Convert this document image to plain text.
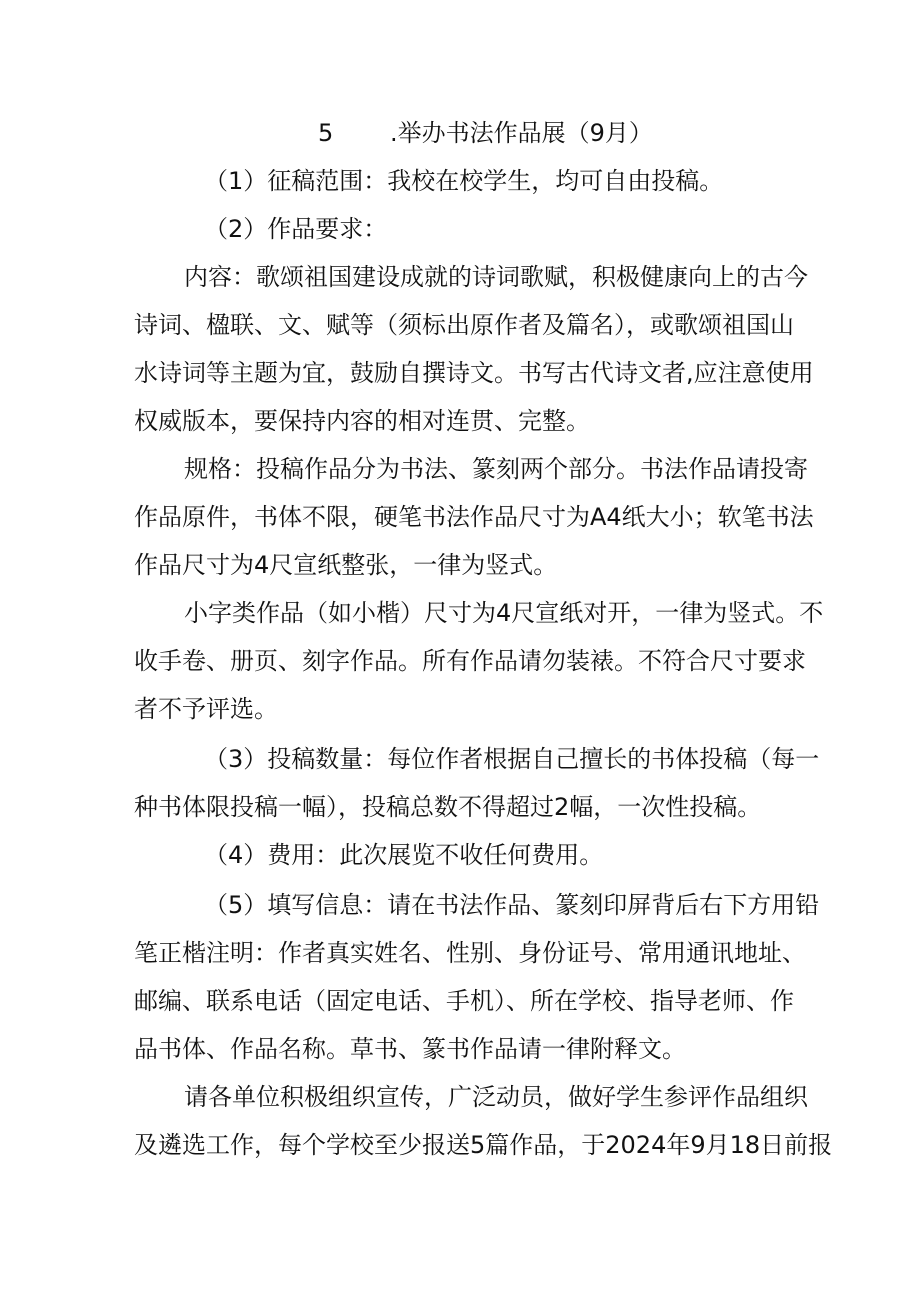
5 .举办书法作品展（9月）
（1）征稿范围：我校在校学生，均可自由投稿。
（2）作品要求：
内容：歌颂祖国建设成就的诗词歌赋，积极健康向上的古今
诗词、楹联、文、赋等（须标出原作者及篇名），或歌颂祖国山
水诗词等主题为宜，鼓励自撰诗文。书写古代诗文者,应注意使用
权威版本，要保持内容的相对连贯、完整。
规格：投稿作品分为书法、篆刻两个部分。书法作品请投寄
作品原件，书体不限，硬笔书法作品尺寸为A4纸大小；软笔书法
作品尺寸为4尺宣纸整张，一律为竖式。
小字类作品（如小楷）尺寸为4尺宣纸对开，一律为竖式。不
收手卷、册页、刻字作品。所有作品请勿装裱。不符合尺寸要求
者不予评选。
（3）投稿数量：每位作者根据自己擅长的书体投稿（每一
种书体限投稿一幅），投稿总数不得超过2幅，一次性投稿。
（4）费用：此次展览不收任何费用。
（5）填写信息：请在书法作品、篆刻印屏背后右下方用铅
笔正楷注明：作者真实姓名、性别、身份证号、常用通讯地址、
邮编、联系电话（固定电话、手机）、所在学校、指导老师、作
品书体、作品名称。草书、篆书作品请一律附释文。
请各单位积极组织宣传，广泛动员，做好学生参评作品组织
及遴选工作，每个学校至少报送5篇作品，于2024年9月18日前报
